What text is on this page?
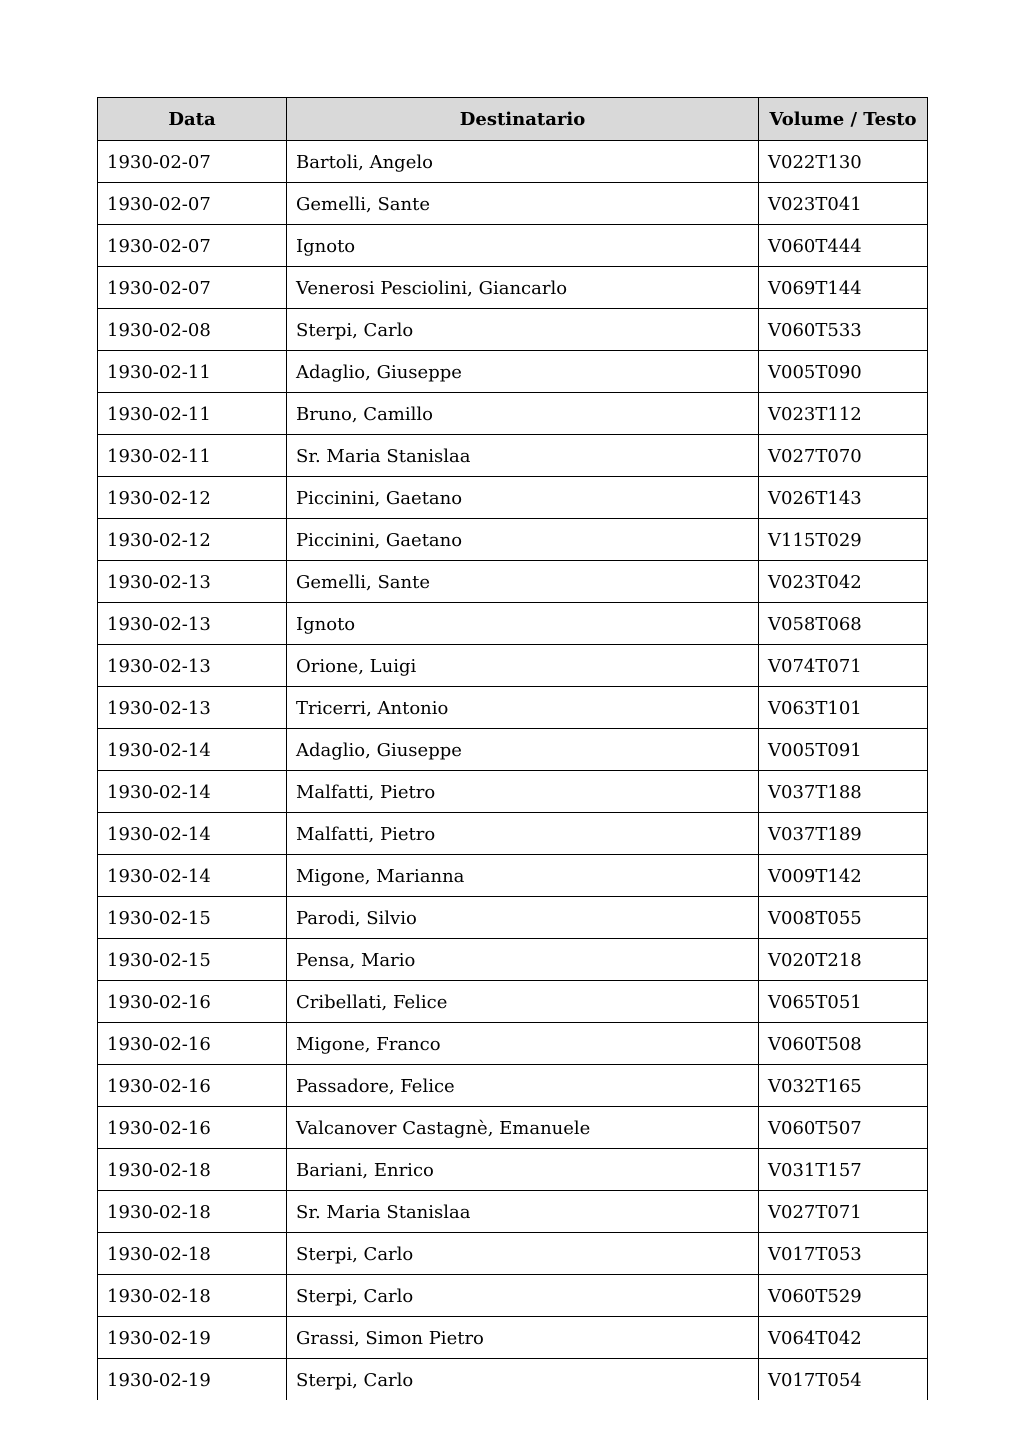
Data	Destinatario	Volume / Testo
1930-02-07	Bartoli, Angelo	V022T130
1930-02-07	Gemelli, Sante	V023T041
1930-02-07	Ignoto	V060T444
1930-02-07	Venerosi Pesciolini, Giancarlo	V069T144
1930-02-08	Sterpi, Carlo	V060T533
1930-02-11	Adaglio, Giuseppe	V005T090
1930-02-11	Bruno, Camillo	V023T112
1930-02-11	Sr. Maria Stanislaa	V027T070
1930-02-12	Piccinini, Gaetano	V026T143
1930-02-12	Piccinini, Gaetano	V115T029
1930-02-13	Gemelli, Sante	V023T042
1930-02-13	Ignoto	V058T068
1930-02-13	Orione, Luigi	V074T071
1930-02-13	Tricerri, Antonio	V063T101
1930-02-14	Adaglio, Giuseppe	V005T091
1930-02-14	Malfatti, Pietro	V037T188
1930-02-14	Malfatti, Pietro	V037T189
1930-02-14	Migone, Marianna	V009T142
1930-02-15	Parodi, Silvio	V008T055
1930-02-15	Pensa, Mario	V020T218
1930-02-16	Cribellati, Felice	V065T051
1930-02-16	Migone, Franco	V060T508
1930-02-16	Passadore, Felice	V032T165
1930-02-16	Valcanover Castagnè, Emanuele	V060T507
1930-02-18	Bariani, Enrico	V031T157
1930-02-18	Sr. Maria Stanislaa	V027T071
1930-02-18	Sterpi, Carlo	V017T053
1930-02-18	Sterpi, Carlo	V060T529
1930-02-19	Grassi, Simon Pietro	V064T042
1930-02-19	Sterpi, Carlo	V017T054
